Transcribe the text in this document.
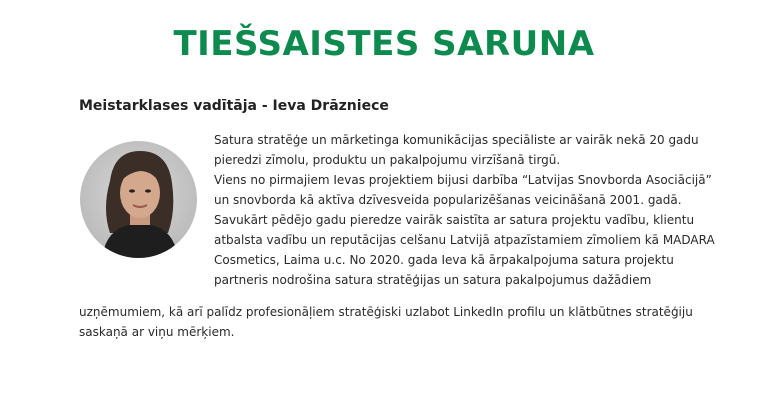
TIEŠSAISTES SARUNA
Meistarklases vadītāja - Ieva Drāzniece
Satura stratēģe un mārketinga komunikācijas speciāliste ar vairāk nekā 20 gadu
pieredzi zīmolu, produktu un pakalpojumu virzīšanā tirgū.
Viens no pirmajiem Ievas projektiem bijusi darbība “Latvijas Snovborda Asociācijā”
un snovborda kā aktīva dzīvesveida popularizēšanas veicināšanā 2001. gadā.
Savukārt pēdējo gadu pieredze vairāk saistīta ar satura projektu vadību, klientu
atbalsta vadību un reputācijas celšanu Latvijā atpazīstamiem zīmoliem kā MADARA
Cosmetics, Laima u.c. No 2020. gada Ieva kā ārpakalpojuma satura projektu
partneris nodrošina satura stratēģijas un satura pakalpojumus dažādiem
uzņēmumiem, kā arī palīdz profesionāļiem stratēģiski uzlabot LinkedIn profilu un klātbūtnes stratēģiju
saskaņā ar viņu mērķiem.
